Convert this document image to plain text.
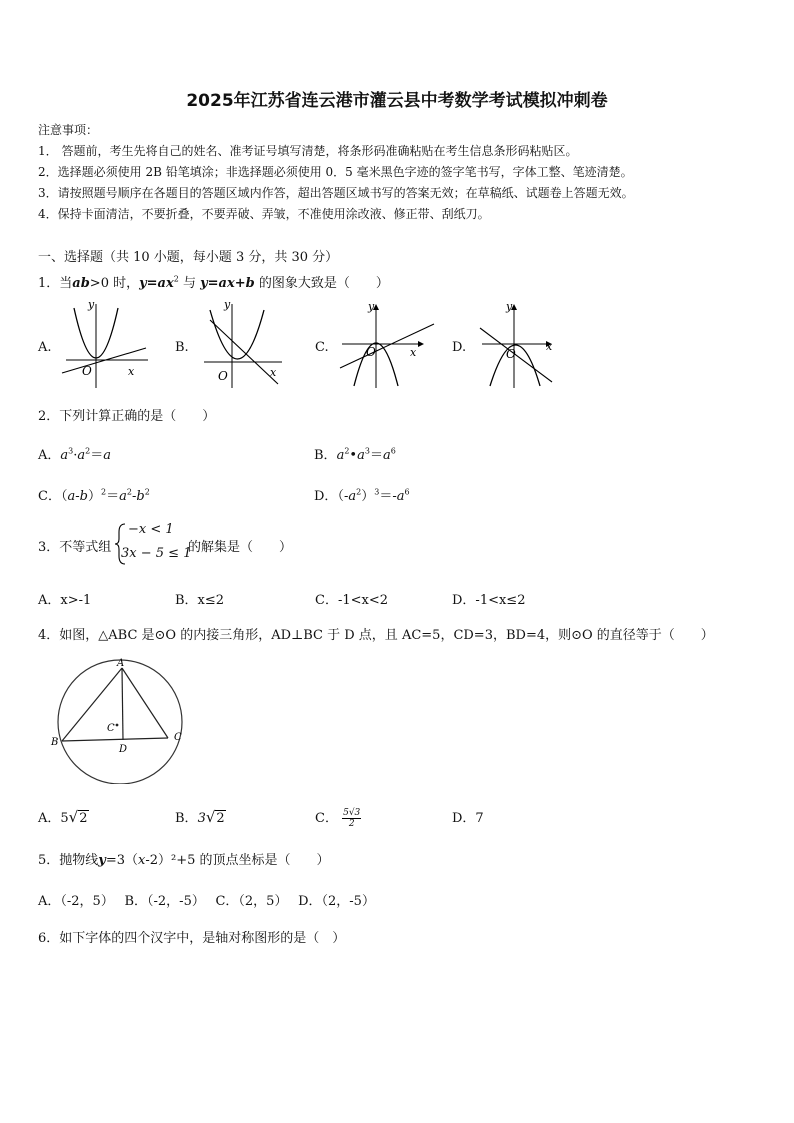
2025年江苏省连云港市灌云县中考数学考试模拟冲刺卷
注意事项：
1． 答题前，考生先将自己的姓名、准考证号填写清楚，将条形码准确粘贴在考生信息条形码粘贴区。
2．选择题必须使用 2B 铅笔填涂；非选择题必须使用 0．5 毫米黑色字迹的签字笔书写，字体工整、笔迹清楚。
3．请按照题号顺序在各题目的答题区域内作答，超出答题区域书写的答案无效；在草稿纸、试题卷上答题无效。
4．保持卡面清洁，不要折叠，不要弄破、弄皱，不准使用涂改液、修正带、刮纸刀。
一、选择题（共 10 小题，每小题 3 分，共 30 分）
1．当ab>0 时，$y=ax^2$ 与 y=ax+b 的图象大致是（　　）
A.	B.	C.	D.
y
x
O
y
x
O
y
x
O
y
x
O
2．下列计算正确的是（　　）
A．$a^3\cdot a^2=a$	B．$a^2•a^3=a^6$
C．$(a-b)^2=a^2-b^2$	D．$(-a^2)^3=-a^6$
3．不等式组
−x < 1
3x − 5 ≤ 1
的解集是（　　）
A．x>-1	B．x≤2	C．-1<x<2	D．-1<x≤2
4．如图，△ABC 是⊙O 的内接三角形，AD⊥BC 于 D 点，且 AC=5，CD=3，BD=4，则⊙O 的直径等于（　　）
A
B	C
D
C
A．5√2	B．3√2	C． $\frac{5√3}{2}$	D．7
5．抛物线y=3（x-2）²+5 的顶点坐标是（　　）
A．（-2，5）　 B．（-2，-5）　 C．（2，5）　 D．（2，-5）
6．如下字体的四个汉字中，是轴对称图形的是（　）
